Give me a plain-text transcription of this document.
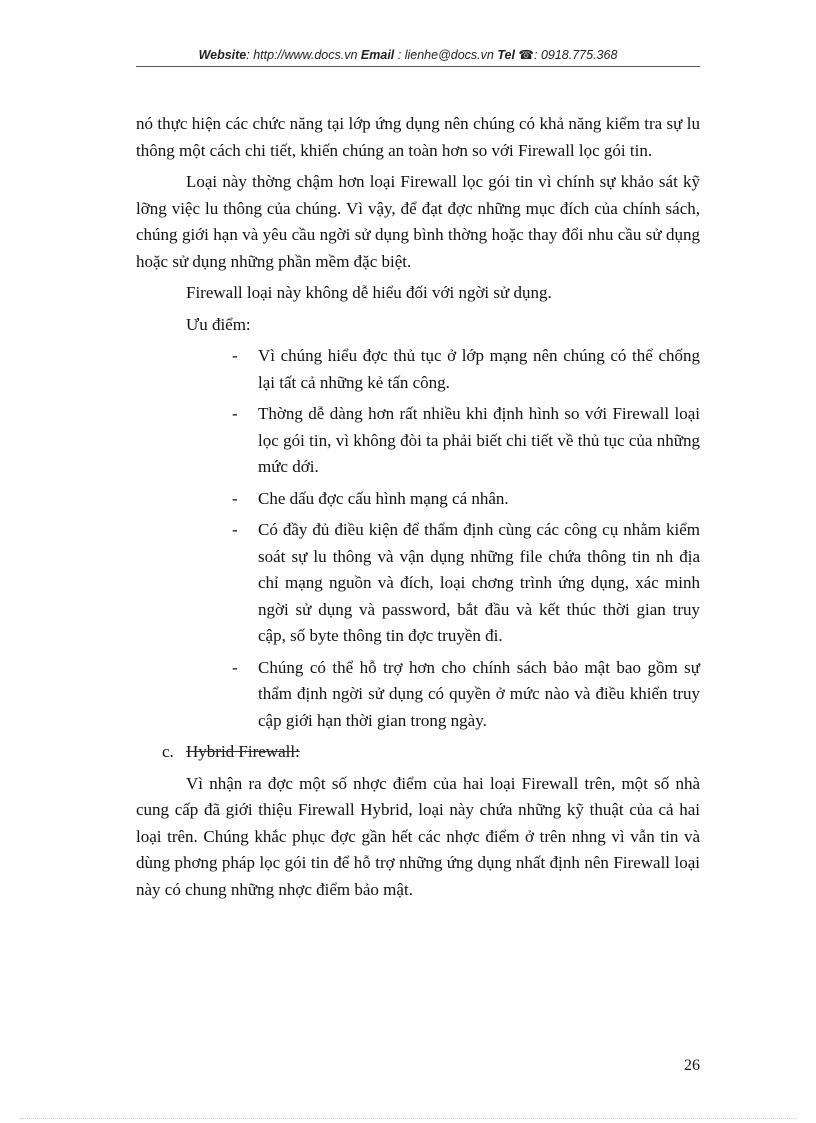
Website: http://www.docs.vn Email : lienhe@docs.vn Tel ☎: 0918.775.368

nó thực hiện các chức năng tại lớp ứng dụng nên chúng có khả năng kiểm tra sự lu thông một cách chi tiết, khiến chúng an toàn hơn so với Firewall lọc gói tin.

Loại này thờng chậm hơn loại Firewall lọc gói tin vì chính sự khảo sát kỹ lỡng việc lu thông của chúng. Vì vậy, để đạt đợc những mục đích của chính sách, chúng giới hạn và yêu cầu ngời sử dụng bình thờng hoặc thay đổi nhu cầu sử dụng hoặc sử dụng những phần mềm đặc biệt.

Firewall loại này không dễ hiểu đối với ngời sử dụng.

Ưu điểm:

- Vì chúng hiểu đợc thủ tục ở lớp mạng nên chúng có thể chống lại tất cả những kẻ tấn công.
- Thờng dễ dàng hơn rất nhiều khi định hình so với Firewall loại lọc gói tin, vì không đòi ta phải biết chi tiết về thủ tục của những mức dới.
- Che dấu đợc cấu hình mạng cá nhân.
- Có đầy đủ điều kiện để thẩm định cùng các công cụ nhằm kiểm soát sự lu thông và vận dụng những file chứa thông tin nh địa chỉ mạng nguồn và đích, loại chơng trình ứng dụng, xác minh ngời sử dụng và password, bắt đầu và kết thúc thời gian truy cập, số byte thông tin đợc truyền đi.
- Chúng có thể hỗ trợ hơn cho chính sách bảo mật bao gồm sự thẩm định ngời sử dụng có quyền ở mức nào và điều khiển truy cập giới hạn thời gian trong ngày.
c. Hybrid Firewall:

Vì nhận ra đợc một số nhợc điểm của hai loại Firewall trên, một số nhà cung cấp đã giới thiệu Firewall Hybrid, loại này chứa những kỹ thuật của cả hai loại trên. Chúng khắc phục đợc gần hết các nhợc điểm ở trên nhng vì vẫn tin và dùng phơng pháp lọc gói tin để hỗ trợ những ứng dụng nhất định nên Firewall loại này có chung những nhợc điểm bảo mật.

26
